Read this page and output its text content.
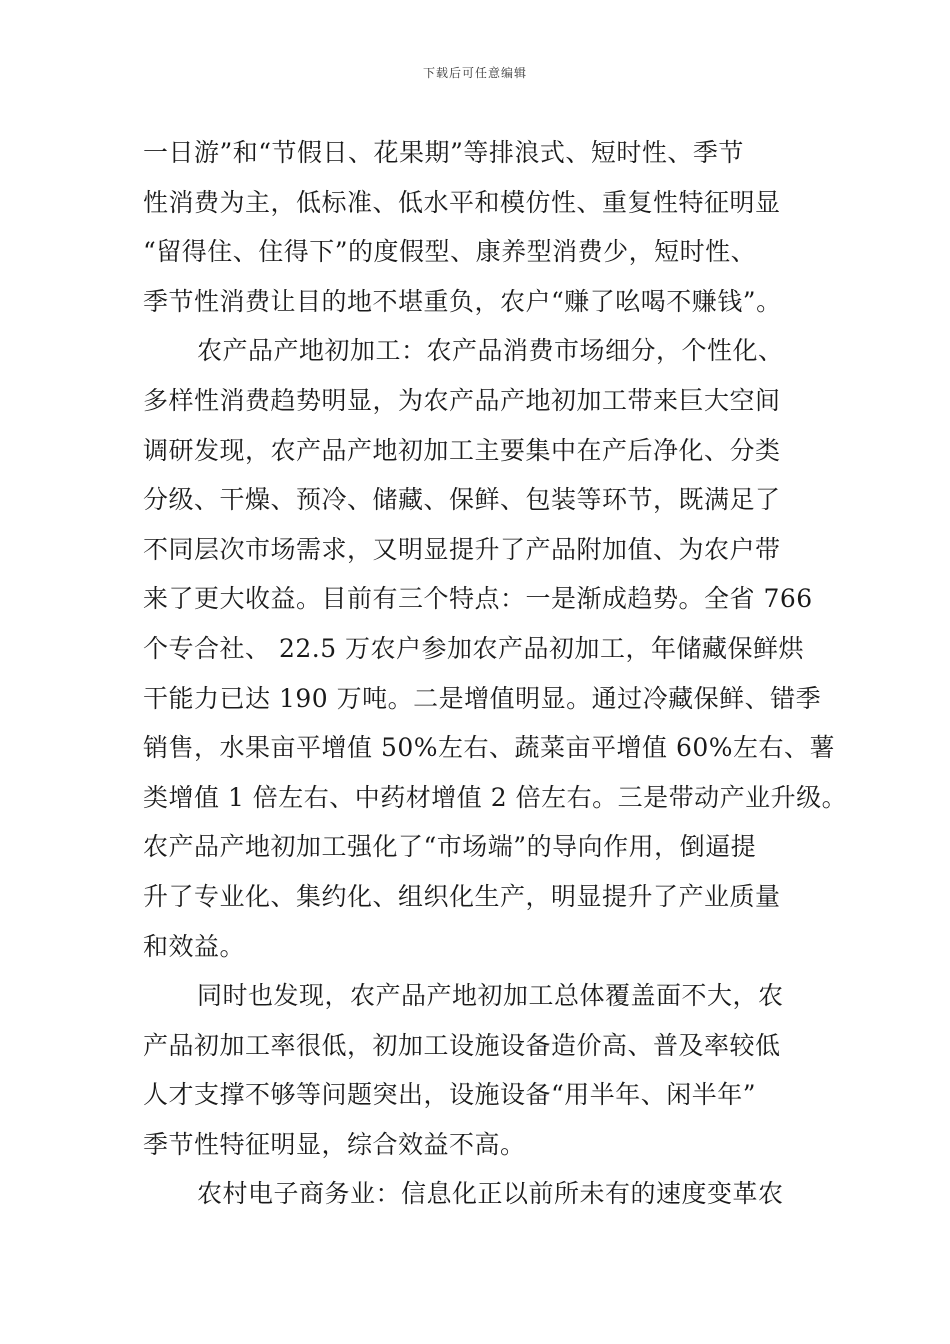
下载后可任意编辑
一日游”和“节假日、花果期”等排浪式、短时性、季节
性消费为主，低标准、低水平和模仿性、重复性特征明显
“留得住、住得下”的度假型、康养型消费少，短时性、
季节性消费让目的地不堪重负，农户“赚了吆喝不赚钱”。
农产品产地初加工：农产品消费市场细分，个性化、
多样性消费趋势明显，为农产品产地初加工带来巨大空间
调研发现，农产品产地初加工主要集中在产后净化、分类
分级、干燥、预冷、储藏、保鲜、包装等环节，既满足了
不同层次市场需求，又明显提升了产品附加值、为农户带
来了更大收益。目前有三个特点：一是渐成趋势。全省 766
个专合社、 22.5 万农户参加农产品初加工，年储藏保鲜烘
干能力已达 190 万吨。二是增值明显。通过冷藏保鲜、错季
销售，水果亩平增值 50%左右、蔬菜亩平增值 60%左右、薯
类增值 1 倍左右、中药材增值 2 倍左右。三是带动产业升级。
农产品产地初加工强化了“市场端”的导向作用，倒逼提
升了专业化、集约化、组织化生产，明显提升了产业质量
和效益。
同时也发现，农产品产地初加工总体覆盖面不大，农
产品初加工率很低，初加工设施设备造价高、普及率较低
人才支撑不够等问题突出，设施设备“用半年、闲半年”
季节性特征明显，综合效益不高。
农村电子商务业：信息化正以前所未有的速度变革农
